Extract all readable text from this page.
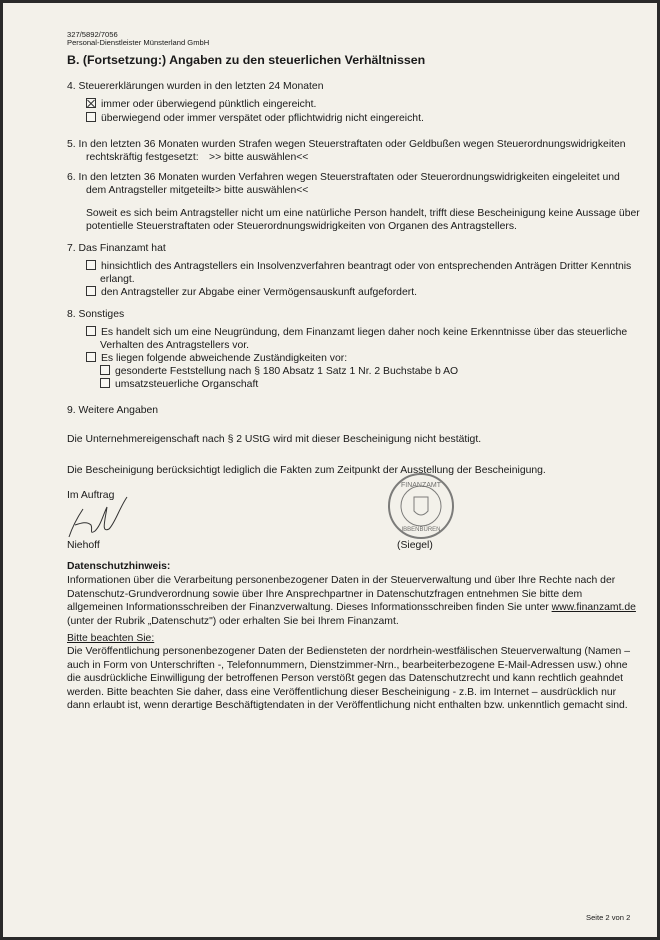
327/5892/7056
Personal-Dienstleister Münsterland GmbH
B. (Fortsetzung:) Angaben zu den steuerlichen Verhältnissen
4. Steuererklärungen wurden in den letzten 24 Monaten
immer oder überwiegend pünktlich eingereicht.
überwiegend oder immer verspätet oder pflichtwidrig nicht eingereicht.
5. In den letzten 36 Monaten wurden Strafen wegen Steuerstraftaten oder Geldbußen wegen Steuerordnungswidrigkeiten
rechtskräftig festgesetzt: >> bitte auswählen<<
6. In den letzten 36 Monaten wurden Verfahren wegen Steuerstraftaten oder Steuerordnungswidrigkeiten eingeleitet und
dem Antragsteller mitgeteilt:
>> bitte auswählen<<
Soweit es sich beim Antragsteller nicht um eine natürliche Person handelt, trifft diese Bescheinigung keine Aussage über
potentielle Steuerstraftaten oder Steuerordnungswidrigkeiten von Organen des Antragstellers.
7. Das Finanzamt hat
hinsichtlich des Antragstellers ein Insolvenzverfahren beantragt oder von entsprechenden Anträgen Dritter Kenntnis
erlangt.
den Antragsteller zur Abgabe einer Vermögensauskunft aufgefordert.
8. Sonstiges
Es handelt sich um eine Neugründung, dem Finanzamt liegen daher noch keine Erkenntnisse über das steuerliche
Verhalten des Antragstellers vor.
Es liegen folgende abweichende Zuständigkeiten vor:
gesonderte Feststellung nach § 180 Absatz 1 Satz 1 Nr. 2 Buchstabe b AO
umsatzsteuerliche Organschaft
9. Weitere Angaben
Die Unternehmereigenschaft nach § 2 UStG wird mit dieser Bescheinigung nicht bestätigt.
Die Bescheinigung berücksichtigt lediglich die Fakten zum Zeitpunkt der Ausstellung der Bescheinigung.
Im Auftrag
Niehoff
FINANZAMT
IBBENBÜREN
(Siegel)
Datenschutzhinweis:
Informationen über die Verarbeitung personenbezogener Daten in der Steuerverwaltung und über Ihre Rechte nach der
Datenschutz-Grundverordnung sowie über Ihre Ansprechpartner in Datenschutzfragen entnehmen Sie bitte dem
allgemeinen Informationsschreiben der Finanzverwaltung. Dieses Informationsschreiben finden Sie unter www.finanzamt.de
(unter der Rubrik „Datenschutz") oder erhalten Sie bei Ihrem Finanzamt.
Bitte beachten Sie:
Die Veröffentlichung personenbezogener Daten der Bediensteten der nordrhein-westfälischen Steuerverwaltung (Namen –
auch in Form von Unterschriften -, Telefonnummern, Dienstzimmer-Nrn., bearbeiterbezogene E-Mail-Adressen usw.) ohne
die ausdrückliche Einwilligung der betroffenen Person verstößt gegen das Datenschutzrecht und kann rechtlich geahndet
werden. Bitte beachten Sie daher, dass eine Veröffentlichung dieser Bescheinigung - z.B. im Internet – ausdrücklich nur
dann erlaubt ist, wenn derartige Beschäftigtendaten in der Veröffentlichung nicht enthalten bzw. unkenntlich gemacht sind.
Seite 2 von 2
